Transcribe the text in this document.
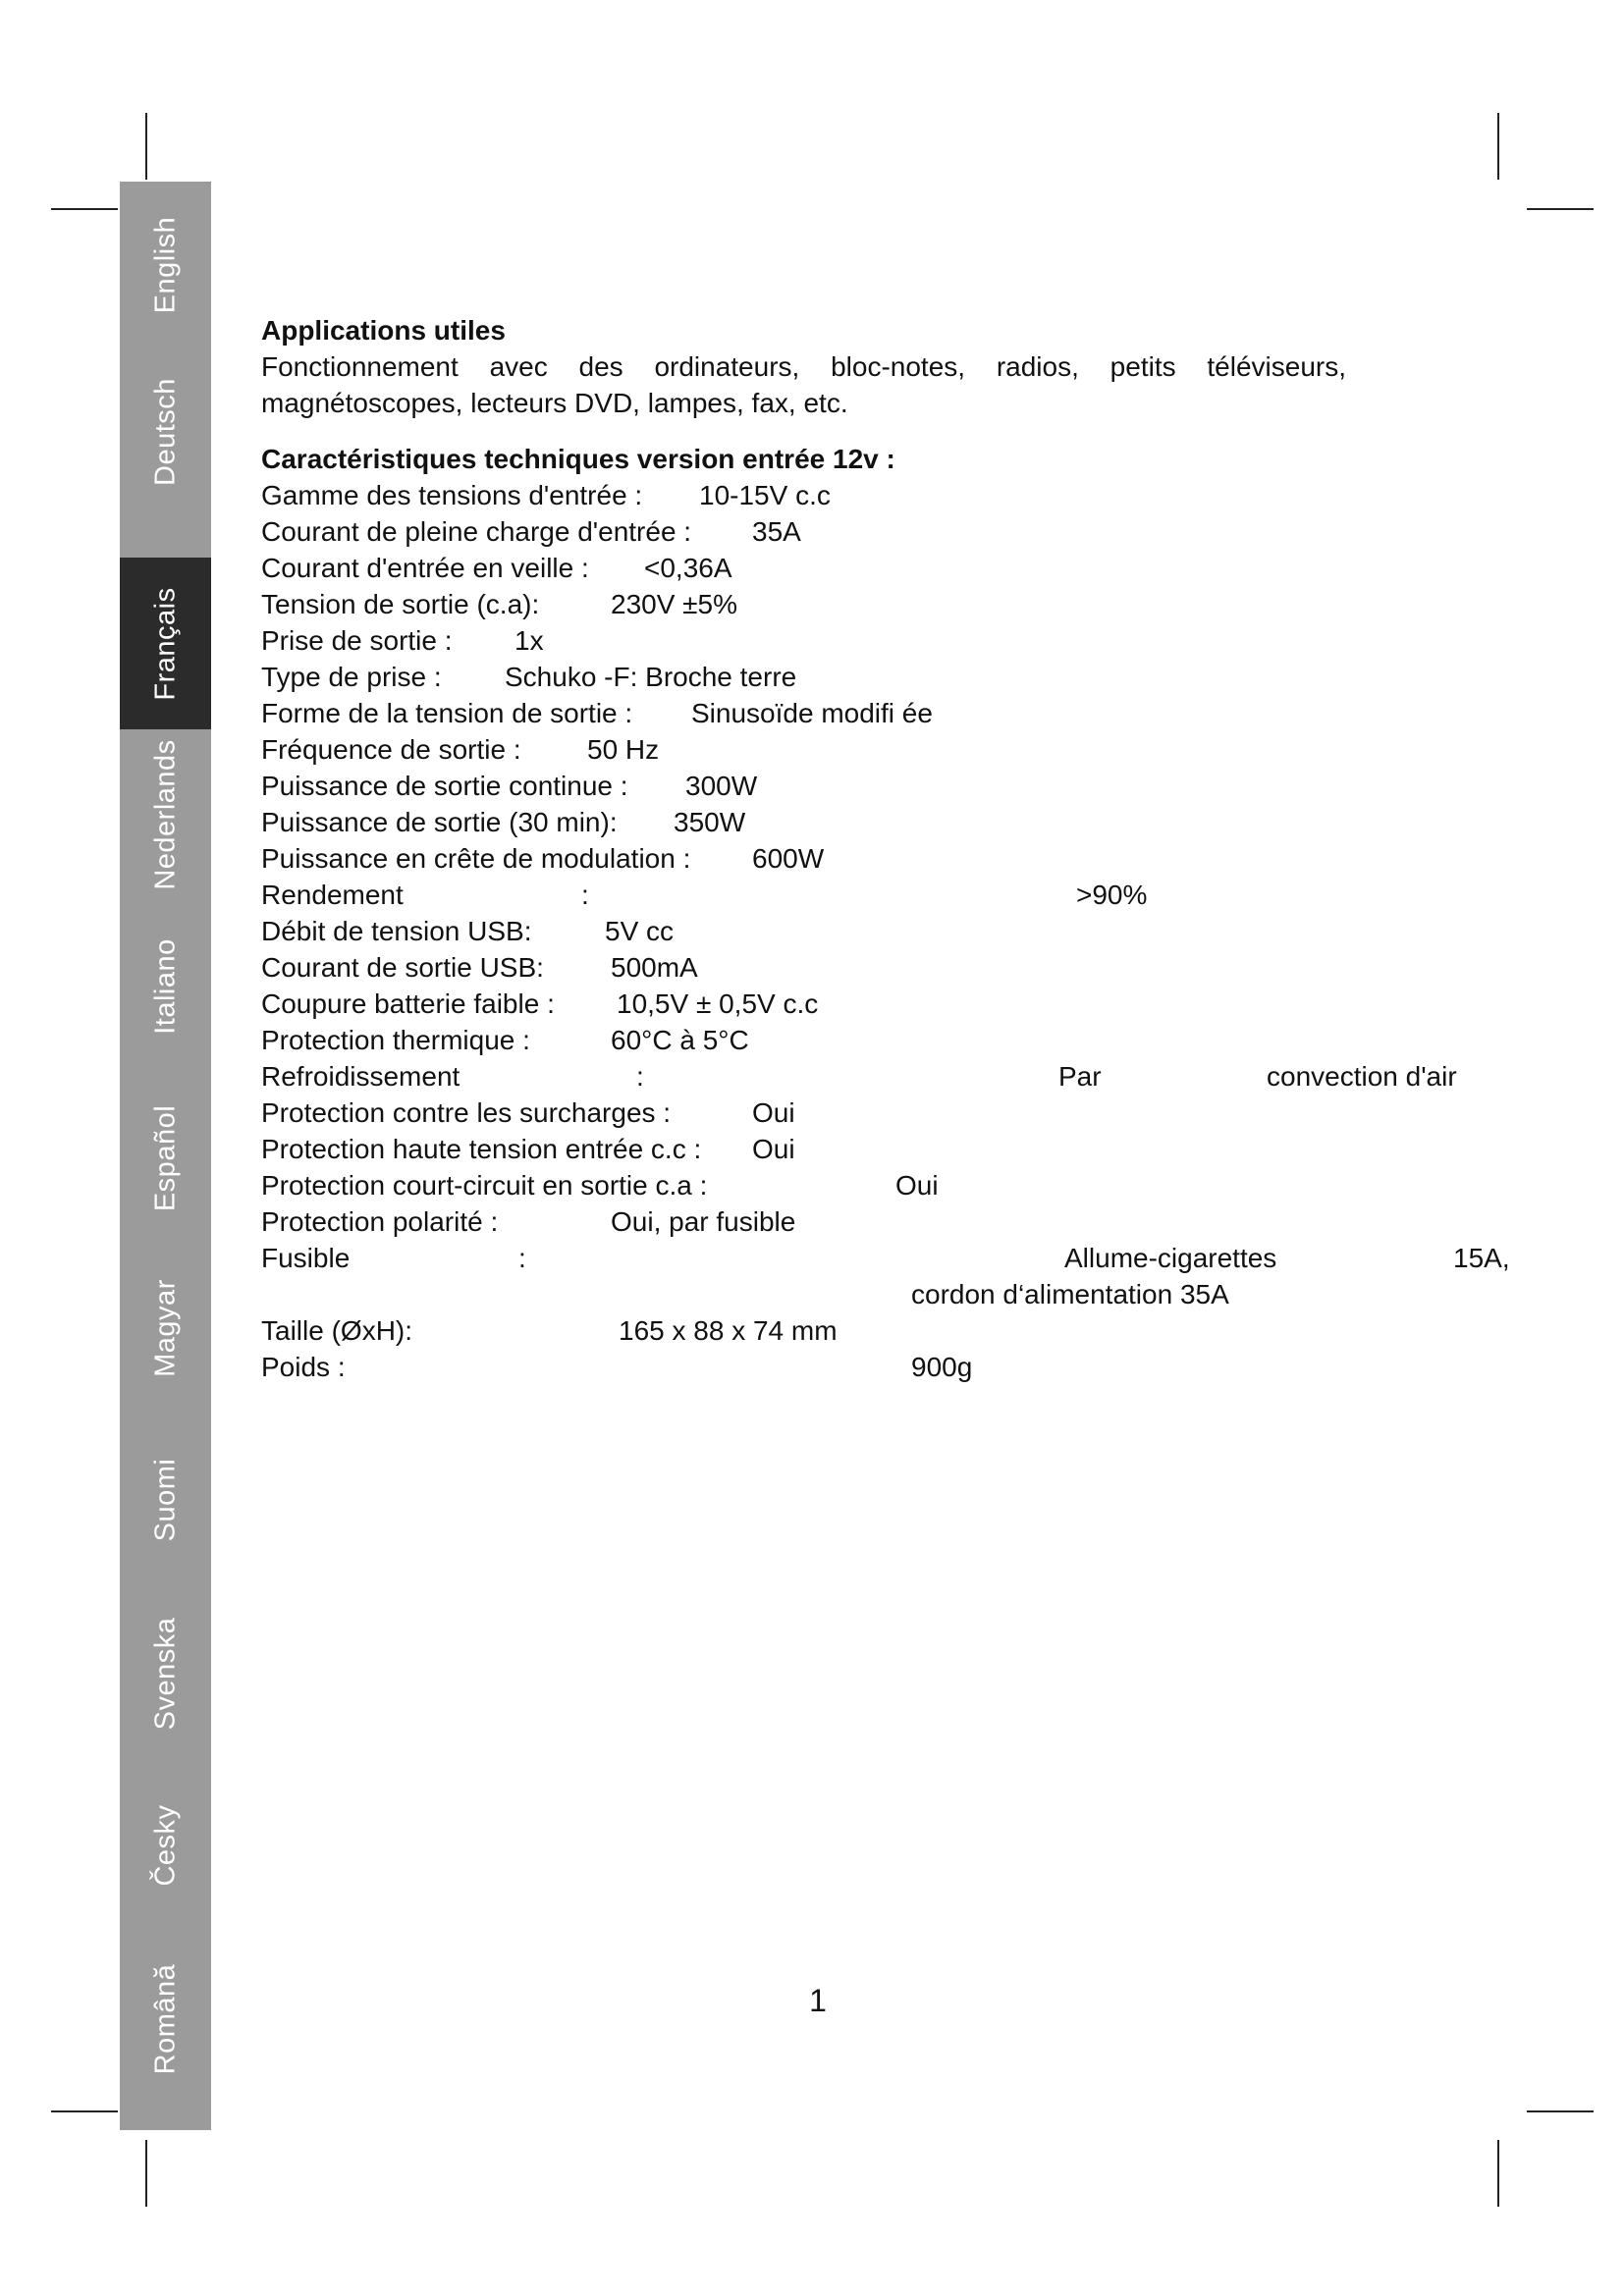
English
Deutsch
Français
Nederlands
Italiano
Español
Magyar
Suomi
Svenska
Česky
Română

Applications utiles

Fonctionnement avec des ordinateurs, bloc-notes, radios, petits téléviseurs, magnétoscopes, lecteurs DVD, lampes, fax, etc.

Caractéristiques techniques version entrée 12v :

Gamme des tensions d'entrée : 10-15V c.c
Courant de pleine charge d'entrée : 35A
Courant d'entrée en veille : <0,36A
Tension de sortie (c.a):	230V ±5%
Prise de sortie : 1x
Type de prise : Schuko -F: Broche terre
Forme de la tension de sortie : Sinusoïde modifi ée
Fréquence de sortie : 50 Hz
Puissance de sortie continue : 300W
Puissance de sortie (30 min): 350W
Puissance en crête de modulation : 600W
Rendement	:	>90%
Débit de tension USB:	5V cc
Courant de sortie USB: 500mA
Coupure batterie faible : 10,5V ± 0,5V c.c
Protection thermique :	60°C à 5°C
Refroidissement	:	Par	convection d'air
Protection contre les surcharges :	Oui
Protection haute tension entrée c.c : Oui
Protection court-circuit en sortie c.a :	Oui
Protection polarité :	Oui, par fusible
Fusible	:	Allume-cigarettes	15A,
cordon d‘alimentation 35A
Taille (ØxH):	165 x 88 x 74 mm
Poids :	900g
1
